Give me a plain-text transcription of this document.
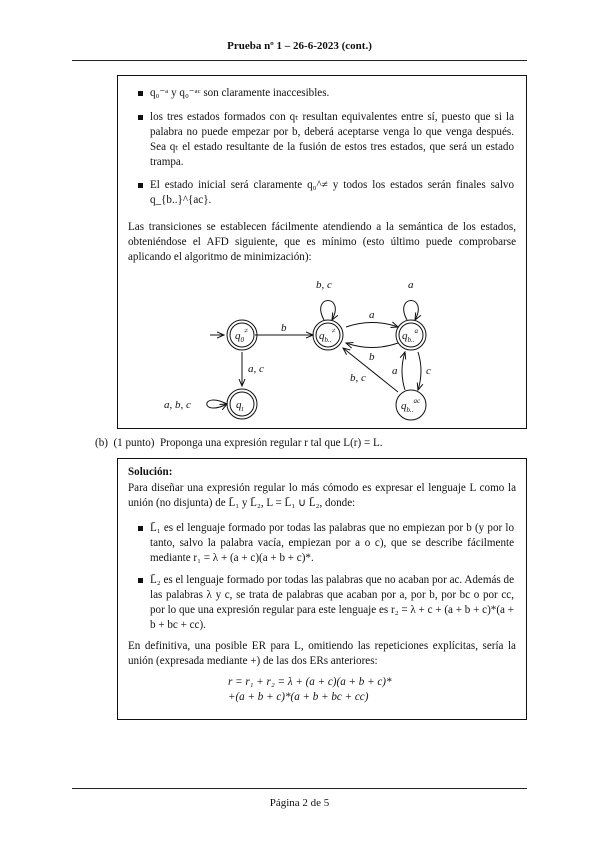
Prueba nº 1 – 26-6-2023 (cont.)
q₀⁻ᵃ y q₀⁻ᵃᶜ son claramente inaccesibles.
los tres estados formados con qₜ resultan equivalentes entre sí, puesto que si la palabra no puede empezar por b, deberá aceptarse venga lo que venga después. Sea qₜ el estado resultante de la fusión de estos tres estados, que será un estado trampa.
El estado inicial será claramente q₀^≠ y todos los estados serán finales salvo q_{b..}^{ac}.
Las transiciones se establecen fácilmente atendiendo a la semántica de los estados, obteniéndose el AFD siguiente, que es mínimo (esto último puede comprobarse aplicando el algoritmo de minimización):
$q_0^\ne$	$q_{b..}^\ne$	$q_{b..}^a$
$q_{b..}^{ac}$
$q_t$
b
a
b
b, c
c
a
a, c
b, c	a
a, b, c
(b) (1 punto) Proponga una expresión regular r tal que L(r) = L.
Solución:
Para diseñar una expresión regular lo más cómodo es expresar el lenguaje L como la unión (no disjunta) de L̄₁ y L̄₂, L = L̄₁ ∪ L̄₂, donde:
L̄₁ es el lenguaje formado por todas las palabras que no empiezan por b (y por lo tanto, salvo la palabra vacía, empiezan por a o c), que se describe fácilmente mediante r₁ = λ + (a + c)(a + b + c)*.
L̄₂ es el lenguaje formado por todas las palabras que no acaban por ac. Además de las palabras λ y c, se trata de palabras que acaban por a, por b, por bc o por cc, por lo que una expresión regular para este lenguaje es r₂ = λ + c + (a + b + c)*(a + b + bc + cc).
En definitiva, una posible ER para L, omitiendo las repeticiones explícitas, sería la unión (expresada mediante +) de las dos ERs anteriores:
r = r₁ + r₂ = λ + (a + c)(a + b + c)*
+(a + b + c)*(a + b + bc + cc)
Página 2 de 5
